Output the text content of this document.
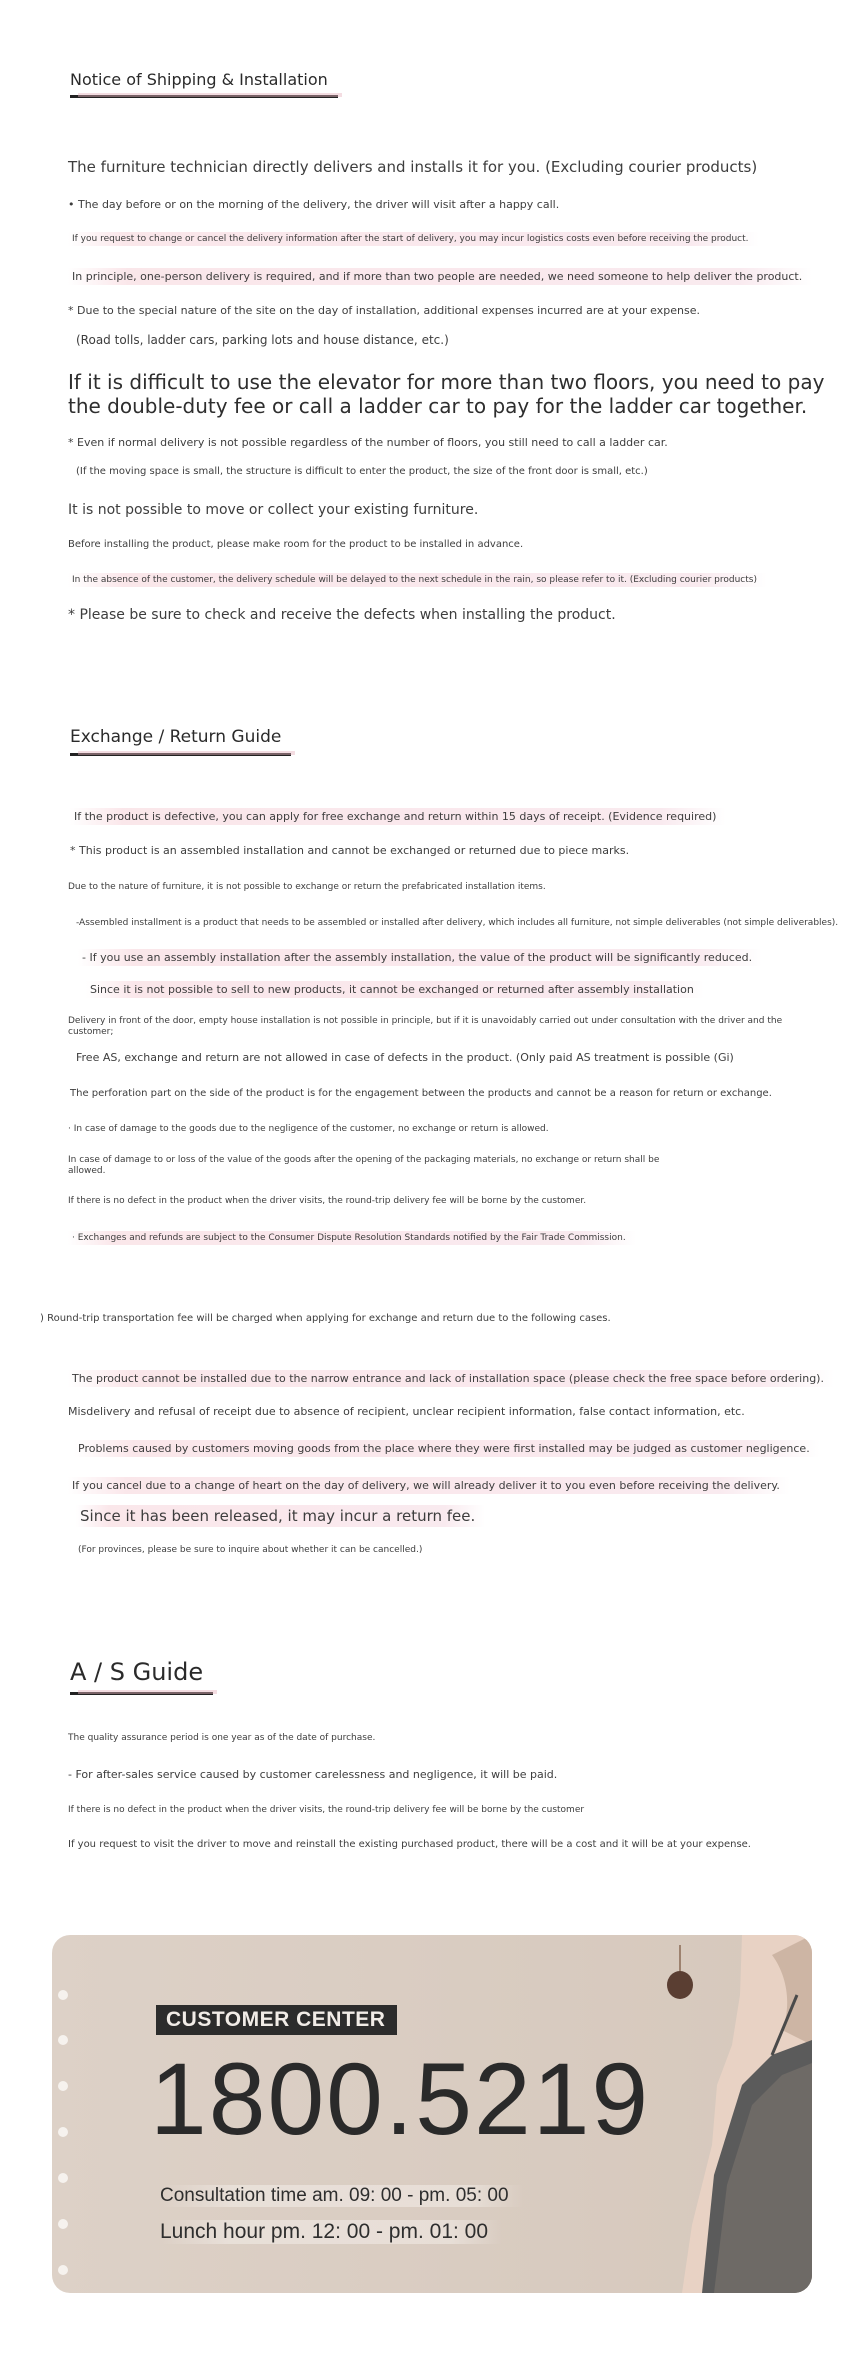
Notice of Shipping & Installation
The furniture technician directly delivers and installs it for you. (Excluding courier products)
• The day before or on the morning of the delivery, the driver will visit after a happy call.
If you request to change or cancel the delivery information after the start of delivery, you may incur logistics costs even before receiving the product.
In principle, one-person delivery is required, and if more than two people are needed, we need someone to help deliver the product.
* Due to the special nature of the site on the day of installation, additional expenses incurred are at your expense.
(Road tolls, ladder cars, parking lots and house distance, etc.)
If it is difficult to use the elevator for more than two floors, you need to pay
the double-duty fee or call a ladder car to pay for the ladder car together.
* Even if normal delivery is not possible regardless of the number of floors, you still need to call a ladder car.
(If the moving space is small, the structure is difficult to enter the product, the size of the front door is small, etc.)
It is not possible to move or collect your existing furniture.
Before installing the product, please make room for the product to be installed in advance.
In the absence of the customer, the delivery schedule will be delayed to the next schedule in the rain, so please refer to it. (Excluding courier products)
* Please be sure to check and receive the defects when installing the product.
Exchange / Return Guide
If the product is defective, you can apply for free exchange and return within 15 days of receipt. (Evidence required)
* This product is an assembled installation and cannot be exchanged or returned due to piece marks.
Due to the nature of furniture, it is not possible to exchange or return the prefabricated installation items.
-Assembled installment is a product that needs to be assembled or installed after delivery, which includes all furniture, not simple deliverables (not simple deliverables).
- If you use an assembly installation after the assembly installation, the value of the product will be significantly reduced.
Since it is not possible to sell to new products, it cannot be exchanged or returned after assembly installation
Delivery in front of the door, empty house installation is not possible in principle, but if it is unavoidably carried out under consultation with the driver and the
customer;
Free AS, exchange and return are not allowed in case of defects in the product. (Only paid AS treatment is possible (Gi)
The perforation part on the side of the product is for the engagement between the products and cannot be a reason for return or exchange.
· In case of damage to the goods due to the negligence of the customer, no exchange or return is allowed.
In case of damage to or loss of the value of the goods after the opening of the packaging materials, no exchange or return shall be
allowed.
If there is no defect in the product when the driver visits, the round-trip delivery fee will be borne by the customer.
· Exchanges and refunds are subject to the Consumer Dispute Resolution Standards notified by the Fair Trade Commission.
) Round-trip transportation fee will be charged when applying for exchange and return due to the following cases.
The product cannot be installed due to the narrow entrance and lack of installation space (please check the free space before ordering).
Misdelivery and refusal of receipt due to absence of recipient, unclear recipient information, false contact information, etc.
Problems caused by customers moving goods from the place where they were first installed may be judged as customer negligence.
If you cancel due to a change of heart on the day of delivery, we will already deliver it to you even before receiving the delivery.
Since it has been released, it may incur a return fee.
(For provinces, please be sure to inquire about whether it can be cancelled.)
A / S Guide
The quality assurance period is one year as of the date of purchase.
- For after-sales service caused by customer carelessness and negligence, it will be paid.
If there is no defect in the product when the driver visits, the round-trip delivery fee will be borne by the customer
If you request to visit the driver to move and reinstall the existing purchased product, there will be a cost and it will be at your expense.
CUSTOMER CENTER
1800.5219
Consultation time am. 09: 00 - pm. 05: 00
Lunch hour pm. 12: 00 - pm. 01: 00
